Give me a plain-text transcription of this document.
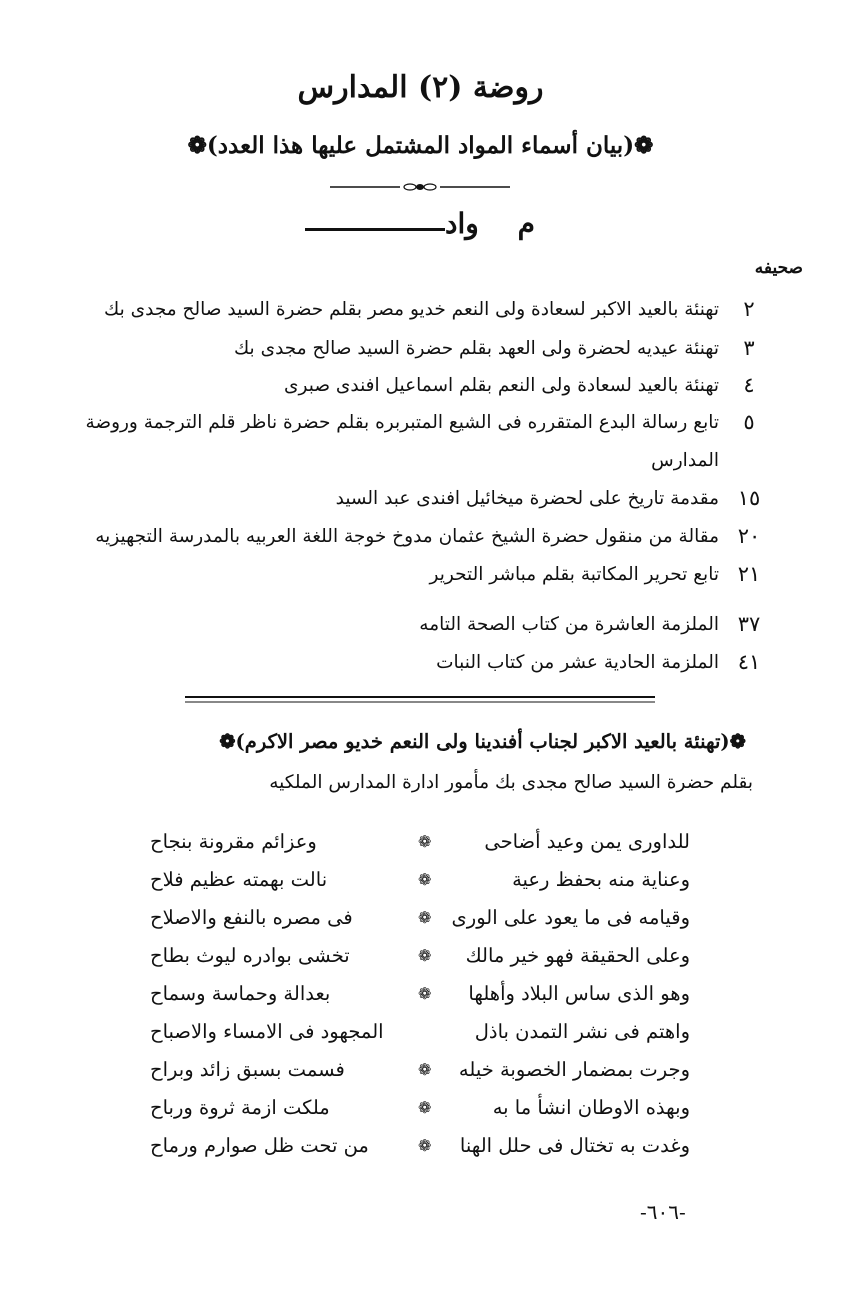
روضة (٢) المدارس
❁(بيان أسماء المواد المشتمل عليها هذا العدد)❁
م
واد
صحيفه
٢
تهنئة بالعيد الاكبر لسعادة ولى النعم خديو مصر بقلم حضرة السيد صالح مجدى بك
٣
تهنئة عيديه لحضرة ولى العهد بقلم حضرة السيد صالح مجدى بك
٤
تهنئة بالعيد لسعادة ولى النعم بقلم اسماعيل افندى صبرى
٥
تابع رسالة البدع المتقرره فى الشيع المتبربره بقلم حضرة ناظر قلم الترجمة وروضة
المدارس
١٥
مقدمة تاريخ على لحضرة ميخائيل افندى عبد السيد
٢٠
مقالة من منقول حضرة الشيخ عثمان مدوخ خوجة اللغة العربيه بالمدرسة التجهيزيه
٢١
تابع تحرير المكاتبة بقلم مباشر التحرير
٣٧
الملزمة العاشرة من كتاب الصحة التامه
٤١
الملزمة الحادية عشر من كتاب النبات
❁(تهنئة بالعيد الاكبر لجناب أفندينا ولى النعم خديو مصر الاكرم)❁
بقلم حضرة السيد صالح مجدى بك مأمور ادارة المدارس الملكيه
للداورى يمن وعيد أضاحى
❁
وعزائم مقرونة بنجاح
وعناية منه بحفظ رعية
❁
نالت بهمته عظيم فلاح
وقيامه فى ما يعود على الورى
❁
فى مصره بالنفع والاصلاح
وعلى الحقيقة فهو خير مالك
❁
تخشى بوادره ليوث بطاح
وهو الذى ساس البلاد وأهلها
❁
بعدالة وحماسة وسماح
واهتم فى نشر التمدن باذل
المجهود فى الامساء والاصباح
وجرت بمضمار الخصوبة خيله
❁
فسمت بسبق زائد وبراح
وبهذه الاوطان انشأ ما به
❁
ملكت ازمة ثروة ورباح
وغدت به تختال فى حلل الهنا
❁
من تحت ظل صوارم ورماح
-٦٠٦-
